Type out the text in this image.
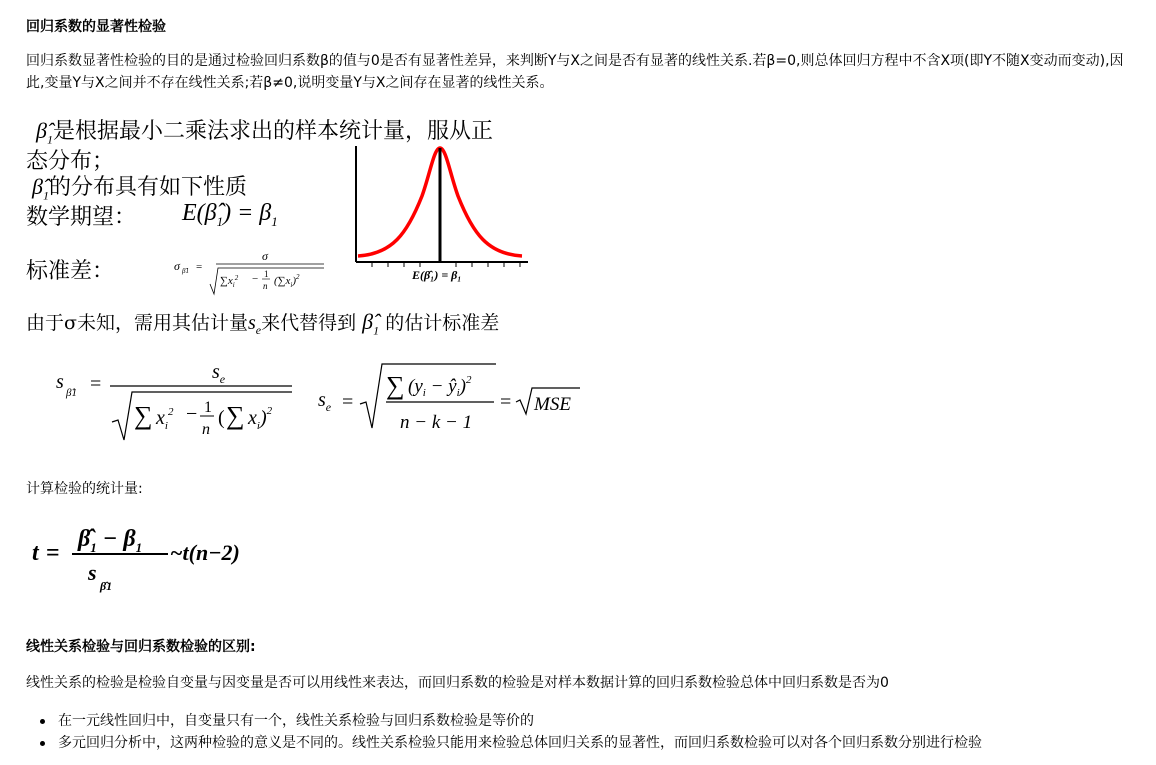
回归系数的显著性检验
回归系数显著性检验的目的是通过检验回归系数β的值与0是否有显著性差异，来判断Y与X之间是否有显著的线性关系.若β=0,则总体回归方程中不含X项(即Y不随X变动而变动),因此,变量Y与X之间并不存在线性关系;若β≠0,说明变量Y与X之间存在显著的线性关系。
$\betâ_1$是根据最小二乘法求出的样本统计量，服从正
态分布；
$\betâ_1$的分布具有如下性质
数学期望： $E(\betâ_1) = \beta_1$
标准差：	σ β̂1 =
σ
$\sum x_i^2 - 1$
n $(\sum x_i)^2$	E(β̂₁) = β₁
由于σ未知，需用其估计量$s_e$来代替得到 $\betâ_1$ 的估计标准差
s β̂1 =
$s_e$
∑ $x_i^2 - 1$
n
( ∑ $x_i)^2$ $s_e$ =
∑ ($y_i$ − $ŷ_i)^2$
n − k − 1
= MSE
计算检验的统计量:
t =
$\betâ_1 - \beta_1$
s
β̂1
~t(n−2)
线性关系检验与回归系数检验的区别:
线性关系的检验是检验自变量与因变量是否可以用线性来表达，而回归系数的检验是对样本数据计算的回归系数检验总体中回归系数是否为0
在一元线性回归中，自变量只有一个，线性关系检验与回归系数检验是等价的
多元回归分析中，这两种检验的意义是不同的。线性关系检验只能用来检验总体回归关系的显著性，而回归系数检验可以对各个回归系数分别进行检验
